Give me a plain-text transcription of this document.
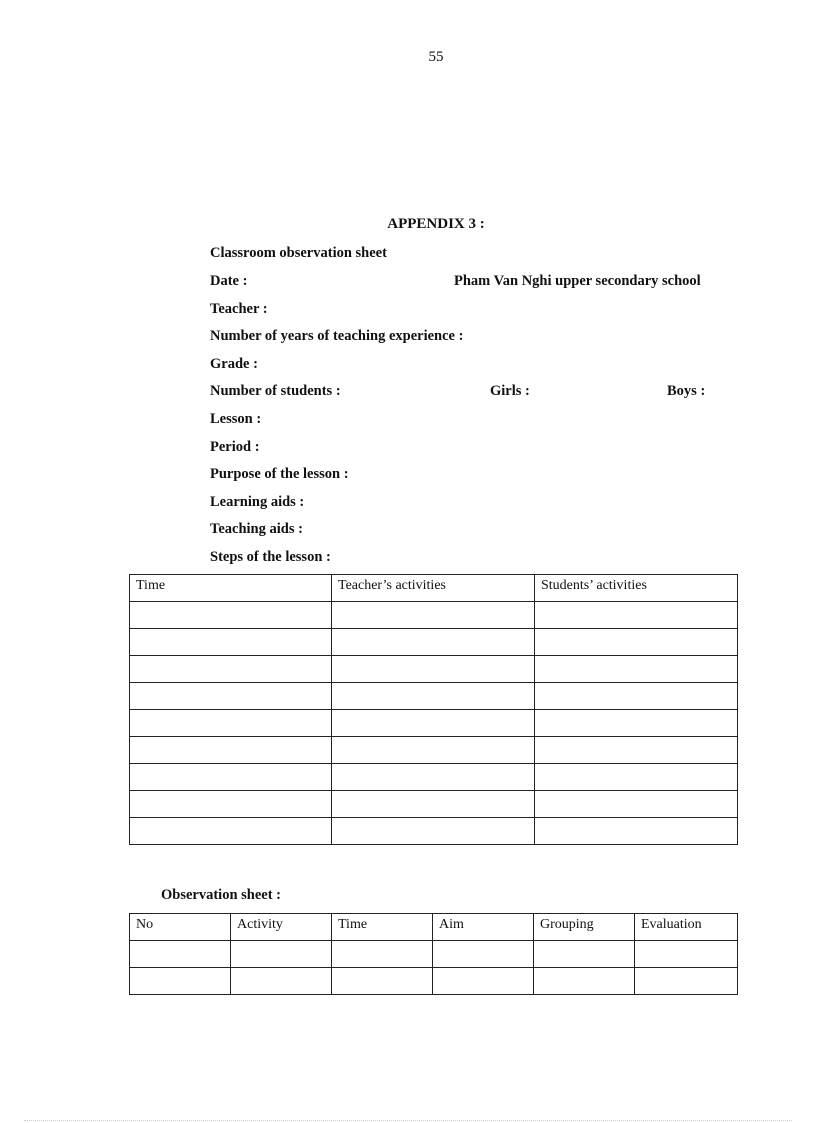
55
APPENDIX 3 :
Classroom observation sheet
Date :	Pham Van Nghi upper secondary school
Teacher :
Number of years of teaching experience :
Grade :
Number of students :	Girls :	Boys :
Lesson :
Period :
Purpose of the lesson :
Learning aids :
Teaching aids :
Steps of the lesson :
Time	Teacher’s activities	Students’ activities

Observation sheet :
No	Activity	Time	Aim	Grouping	Evaluation
